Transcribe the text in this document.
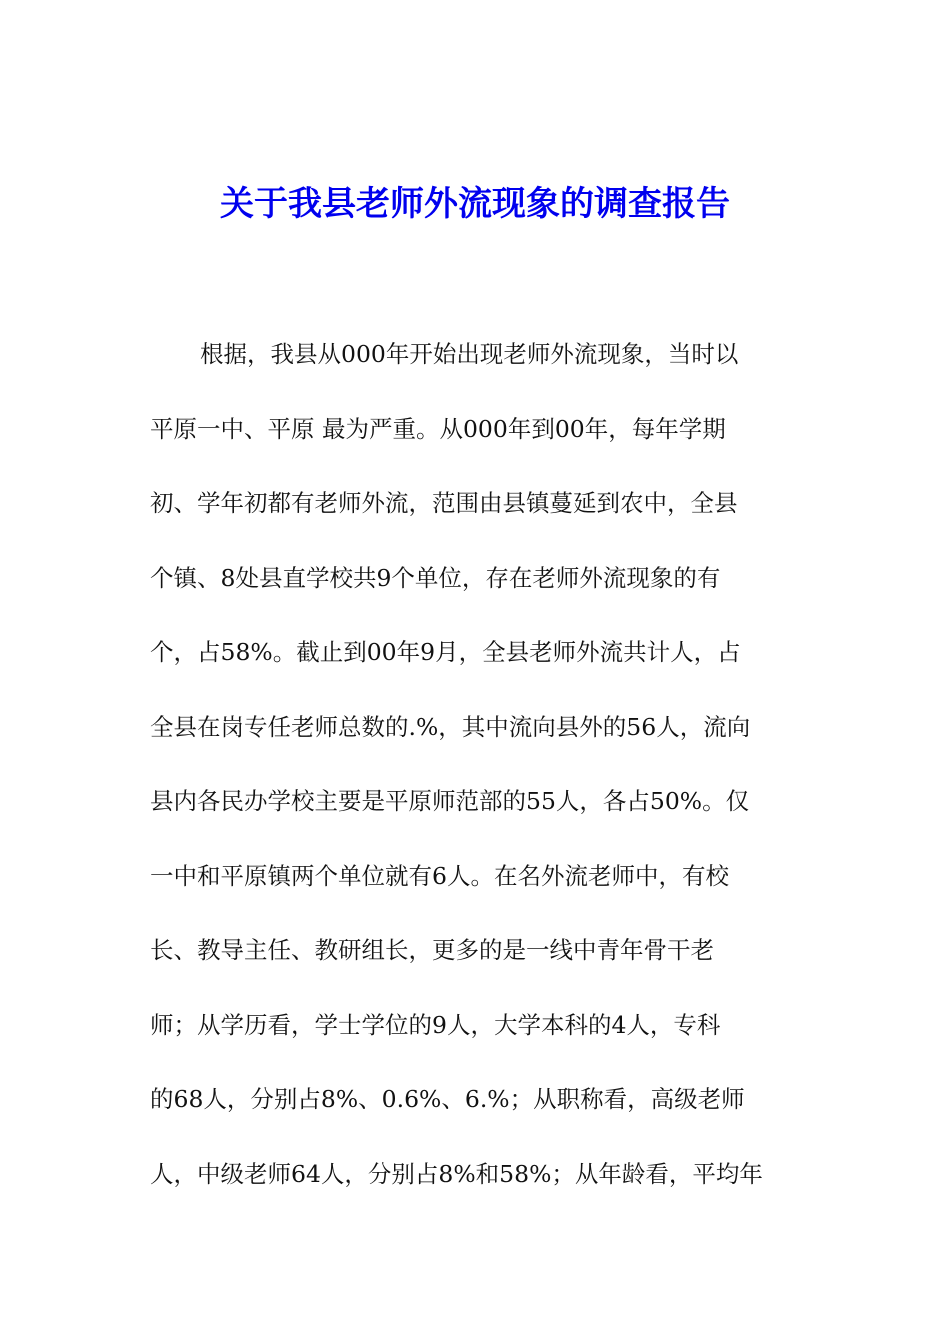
关于我县老师外流现象的调查报告
根据，我县从000年开始出现老师外流现象，当时以
平原一中、平原 最为严重。从000年到00年，每年学期
初、学年初都有老师外流，范围由县镇蔓延到农中，全县
个镇、8处县直学校共9个单位，存在老师外流现象的有
个，占58%。截止到00年9月，全县老师外流共计人，占
全县在岗专任老师总数的.%，其中流向县外的56人，流向
县内各民办学校主要是平原师范部的55人，各占50%。仅
一中和平原镇两个单位就有6人。在名外流老师中，有校
长、教导主任、教研组长，更多的是一线中青年骨干老
师；从学历看，学士学位的9人，大学本科的4人，专科
的68人，分别占8%、0.6%、6.%；从职称看，高级老师
人，中级老师64人，分别占8%和58%；从年龄看，平均年
